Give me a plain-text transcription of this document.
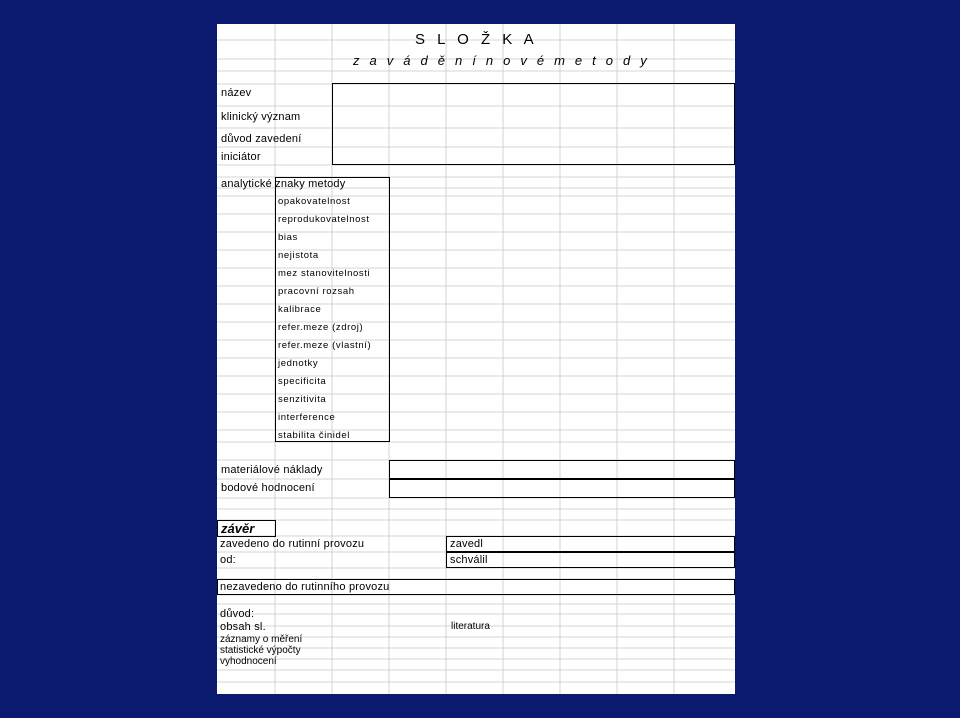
S L O Ž K A
z a v á d ě n í n o v é m e t o d y
název
klinický význam
důvod zavedení
iniciátor
analytické znaky metody
opakovatelnost
reprodukovatelnost
bias
nejistota
mez stanovitelnosti
pracovní rozsah
kalibrace
refer.meze (zdroj)
refer.meze (vlastní)
jednotky
specificita
senzitivita
interference
stabilita činidel
materiálové náklady
bodové hodnocení
závěr
zavedeno do rutinní provozu
od:
zavedl
schválil
nezavedeno do rutinního provozu
důvod:
obsah sl.
záznamy o měření
statistické výpočty
vyhodnocení
literatura
